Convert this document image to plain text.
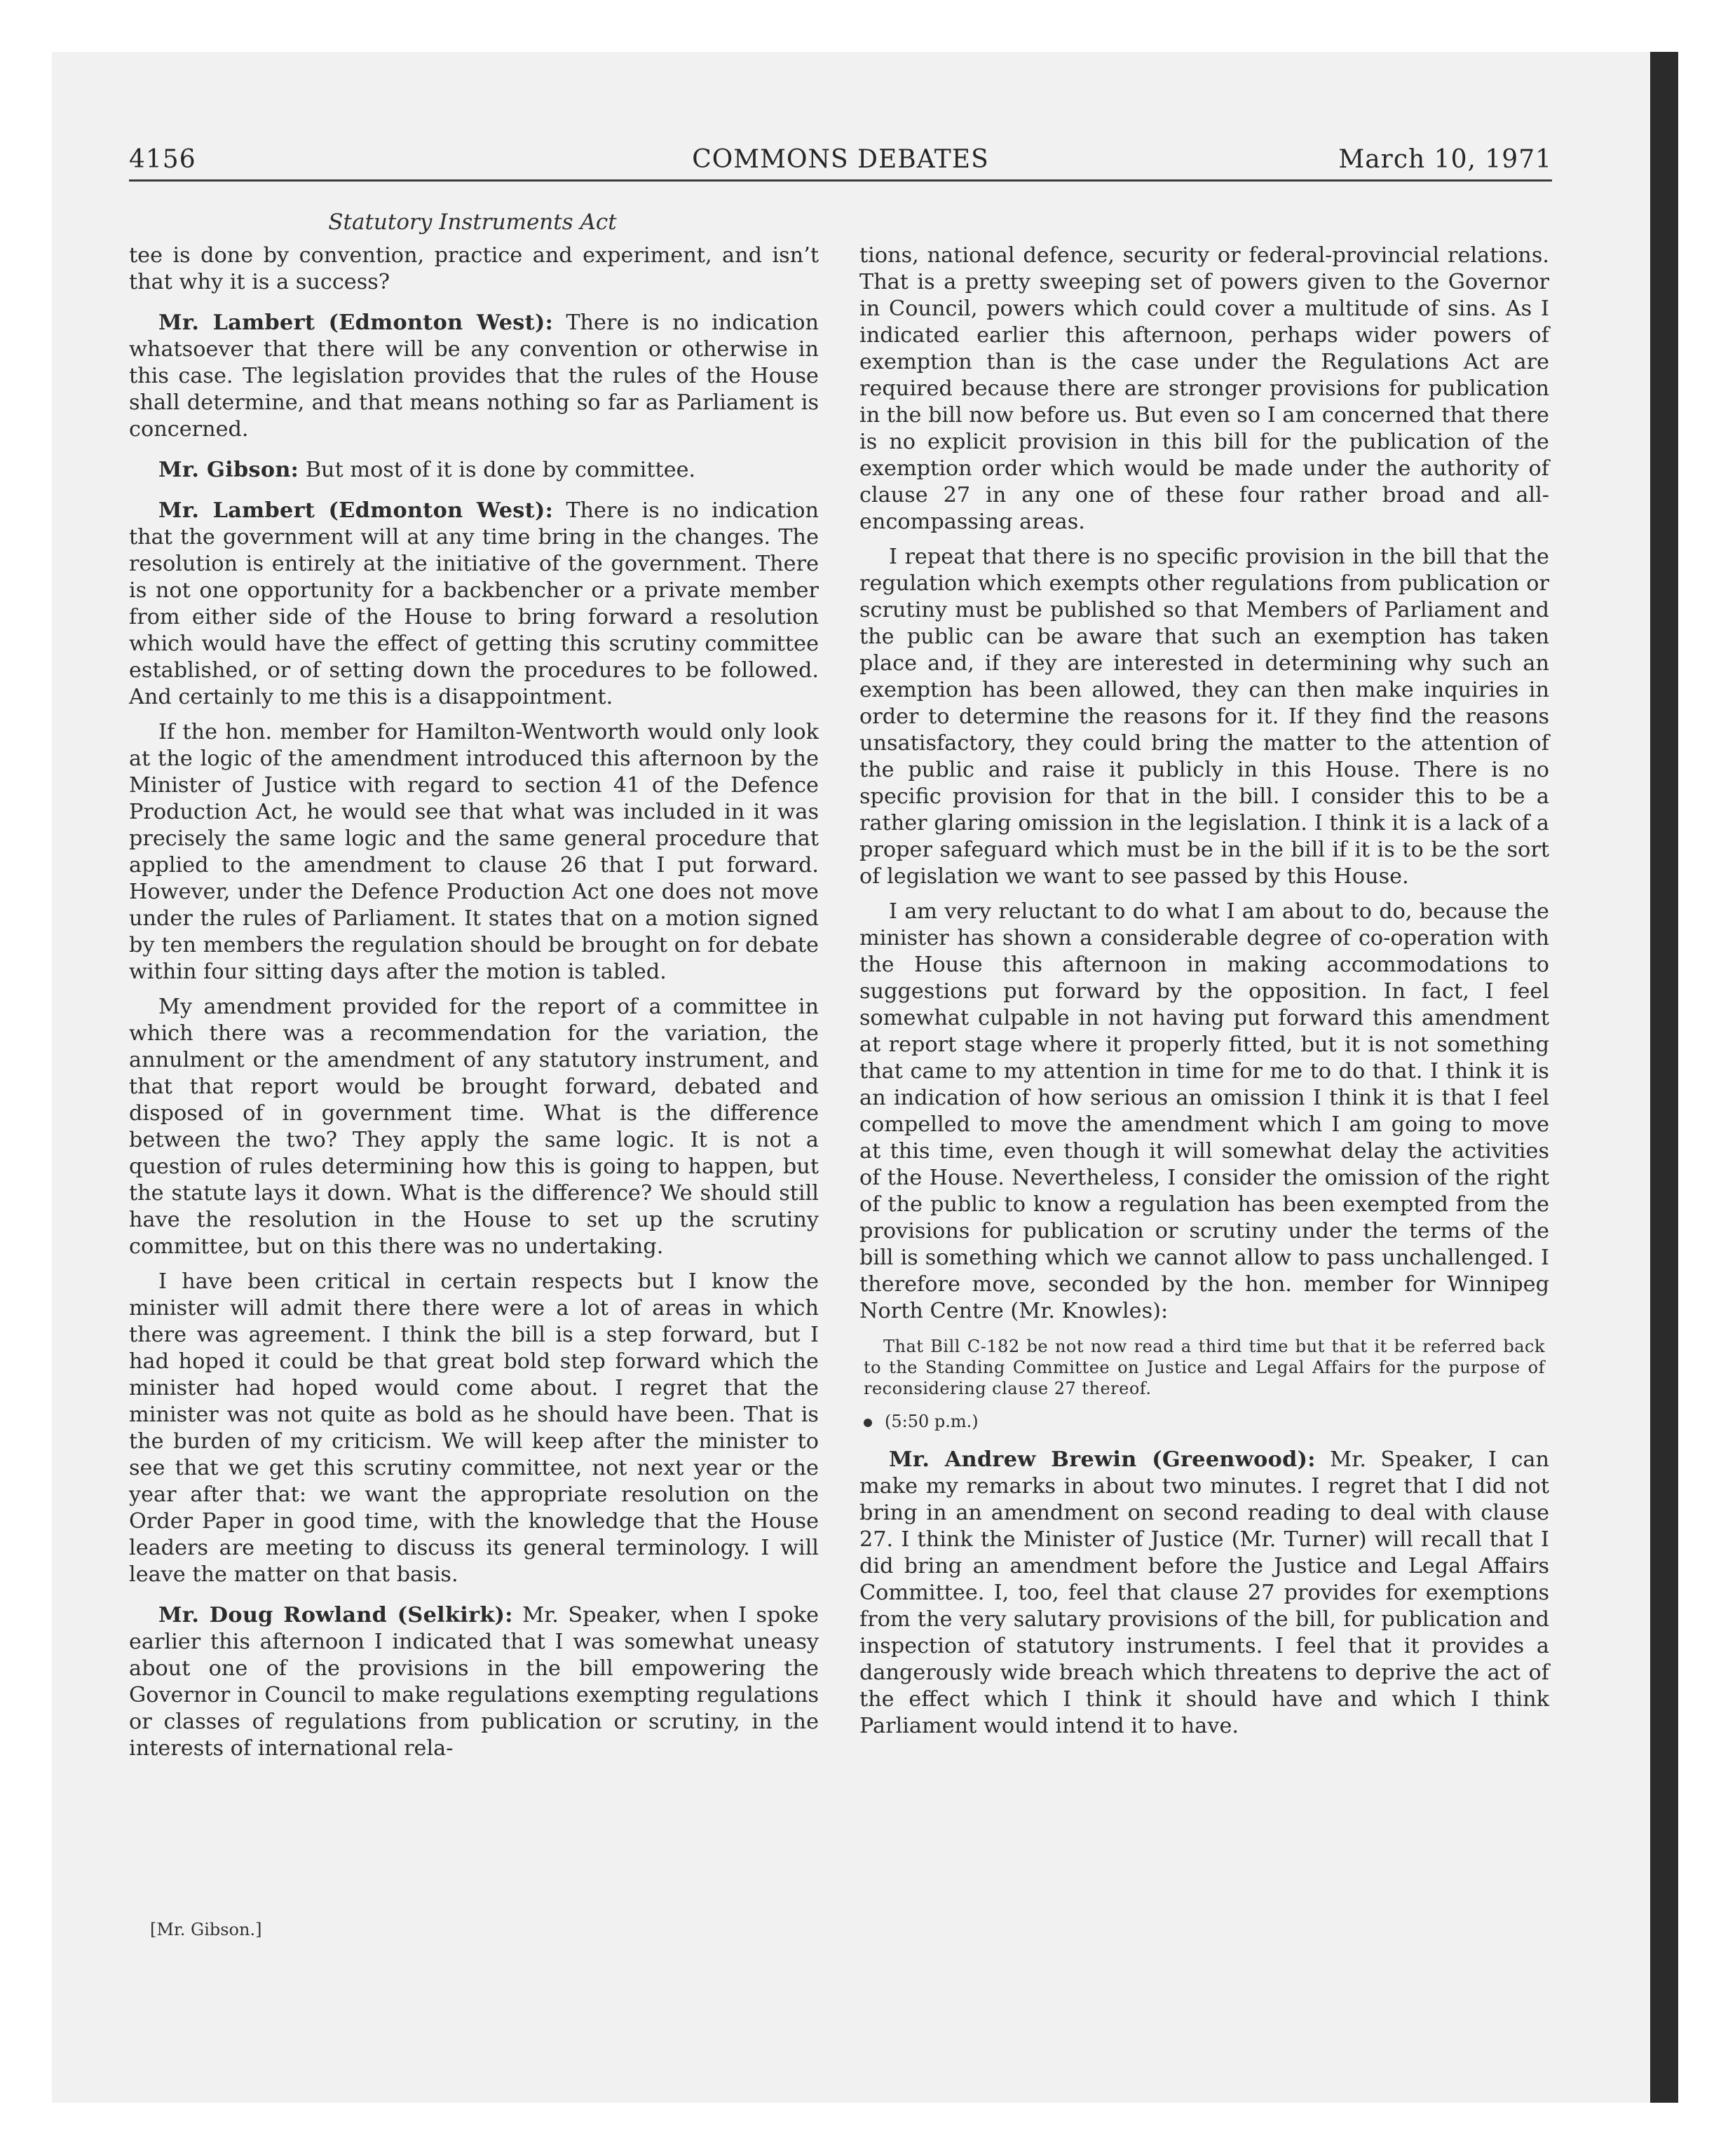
4156	COMMONS DEBATES	March 10, 1971
Statutory Instruments Act

tee is done by convention, practice and experiment, and isn’t that why it is a success?

Mr. Lambert (Edmonton West): There is no indication whatsoever that there will be any convention or otherwise in this case. The legislation provides that the rules of the House shall determine, and that means nothing so far as Parliament is concerned.

Mr. Gibson: But most of it is done by committee.

Mr. Lambert (Edmonton West): There is no indication that the government will at any time bring in the changes. The resolution is entirely at the initiative of the government. There is not one opportunity for a backbencher or a private member from either side of the House to bring forward a resolution which would have the effect of getting this scrutiny committee established, or of setting down the procedures to be followed. And certainly to me this is a disappointment.

If the hon. member for Hamilton-Wentworth would only look at the logic of the amendment introduced this afternoon by the Minister of Justice with regard to section 41 of the Defence Production Act, he would see that what was included in it was precisely the same logic and the same general procedure that applied to the amendment to clause 26 that I put forward. However, under the Defence Production Act one does not move under the rules of Parliament. It states that on a motion signed by ten members the regulation should be brought on for debate within four sitting days after the motion is tabled.

My amendment provided for the report of a committee in which there was a recommendation for the variation, the annulment or the amendment of any statutory instrument, and that that report would be brought forward, debated and disposed of in government time. What is the difference between the two? They apply the same logic. It is not a question of rules determining how this is going to happen, but the statute lays it down. What is the difference? We should still have the resolution in the House to set up the scrutiny committee, but on this there was no undertaking.

I have been critical in certain respects but I know the minister will admit there there were a lot of areas in which there was agreement. I think the bill is a step forward, but I had hoped it could be that great bold step forward which the minister had hoped would come about. I regret that the minister was not quite as bold as he should have been. That is the burden of my criticism. We will keep after the minister to see that we get this scrutiny committee, not next year or the year after that: we want the appropriate resolution on the Order Paper in good time, with the knowledge that the House leaders are meeting to discuss its general terminology. I will leave the matter on that basis.

Mr. Doug Rowland (Selkirk): Mr. Speaker, when I spoke earlier this afternoon I indicated that I was somewhat uneasy about one of the provisions in the bill empowering the Governor in Council to make regulations exempting regulations or classes of regulations from publication or scrutiny, in the interests of international rela-

tions, national defence, security or federal-provincial relations. That is a pretty sweeping set of powers given to the Governor in Council, powers which could cover a multitude of sins. As I indicated earlier this afternoon, perhaps wider powers of exemption than is the case under the Regulations Act are required because there are stronger provisions for publication in the bill now before us. But even so I am concerned that there is no explicit provision in this bill for the publication of the exemption order which would be made under the authority of clause 27 in any one of these four rather broad and all-encompassing areas.

I repeat that there is no specific provision in the bill that the regulation which exempts other regulations from publication or scrutiny must be published so that Members of Parliament and the public can be aware that such an exemption has taken place and, if they are interested in determining why such an exemption has been allowed, they can then make inquiries in order to determine the reasons for it. If they find the reasons unsatisfactory, they could bring the matter to the attention of the public and raise it publicly in this House. There is no specific provision for that in the bill. I consider this to be a rather glaring omission in the legislation. I think it is a lack of a proper safeguard which must be in the bill if it is to be the sort of legislation we want to see passed by this House.

I am very reluctant to do what I am about to do, because the minister has shown a considerable degree of co-operation with the House this afternoon in making accommodations to suggestions put forward by the opposition. In fact, I feel somewhat culpable in not having put forward this amendment at report stage where it properly fitted, but it is not something that came to my attention in time for me to do that. I think it is an indication of how serious an omission I think it is that I feel compelled to move the amendment which I am going to move at this time, even though it will somewhat delay the activities of the House. Nevertheless, I consider the omission of the right of the public to know a regulation has been exempted from the provisions for publication or scrutiny under the terms of the bill is something which we cannot allow to pass unchallenged. I therefore move, seconded by the hon. member for Winnipeg North Centre (Mr. Knowles):

That Bill C-182 be not now read a third time but that it be referred back to the Standing Committee on Justice and Legal Affairs for the purpose of reconsidering clause 27 thereof.

(5:50 p.m.)

Mr. Andrew Brewin (Greenwood): Mr. Speaker, I can make my remarks in about two minutes. I regret that I did not bring in an amendment on second reading to deal with clause 27. I think the Minister of Justice (Mr. Turner) will recall that I did bring an amendment before the Justice and Legal Affairs Committee. I, too, feel that clause 27 provides for exemptions from the very salutary provisions of the bill, for publication and inspection of statutory instruments. I feel that it provides a dangerously wide breach which threatens to deprive the act of the effect which I think it should have and which I think Parliament would intend it to have.

[Mr. Gibson.]
